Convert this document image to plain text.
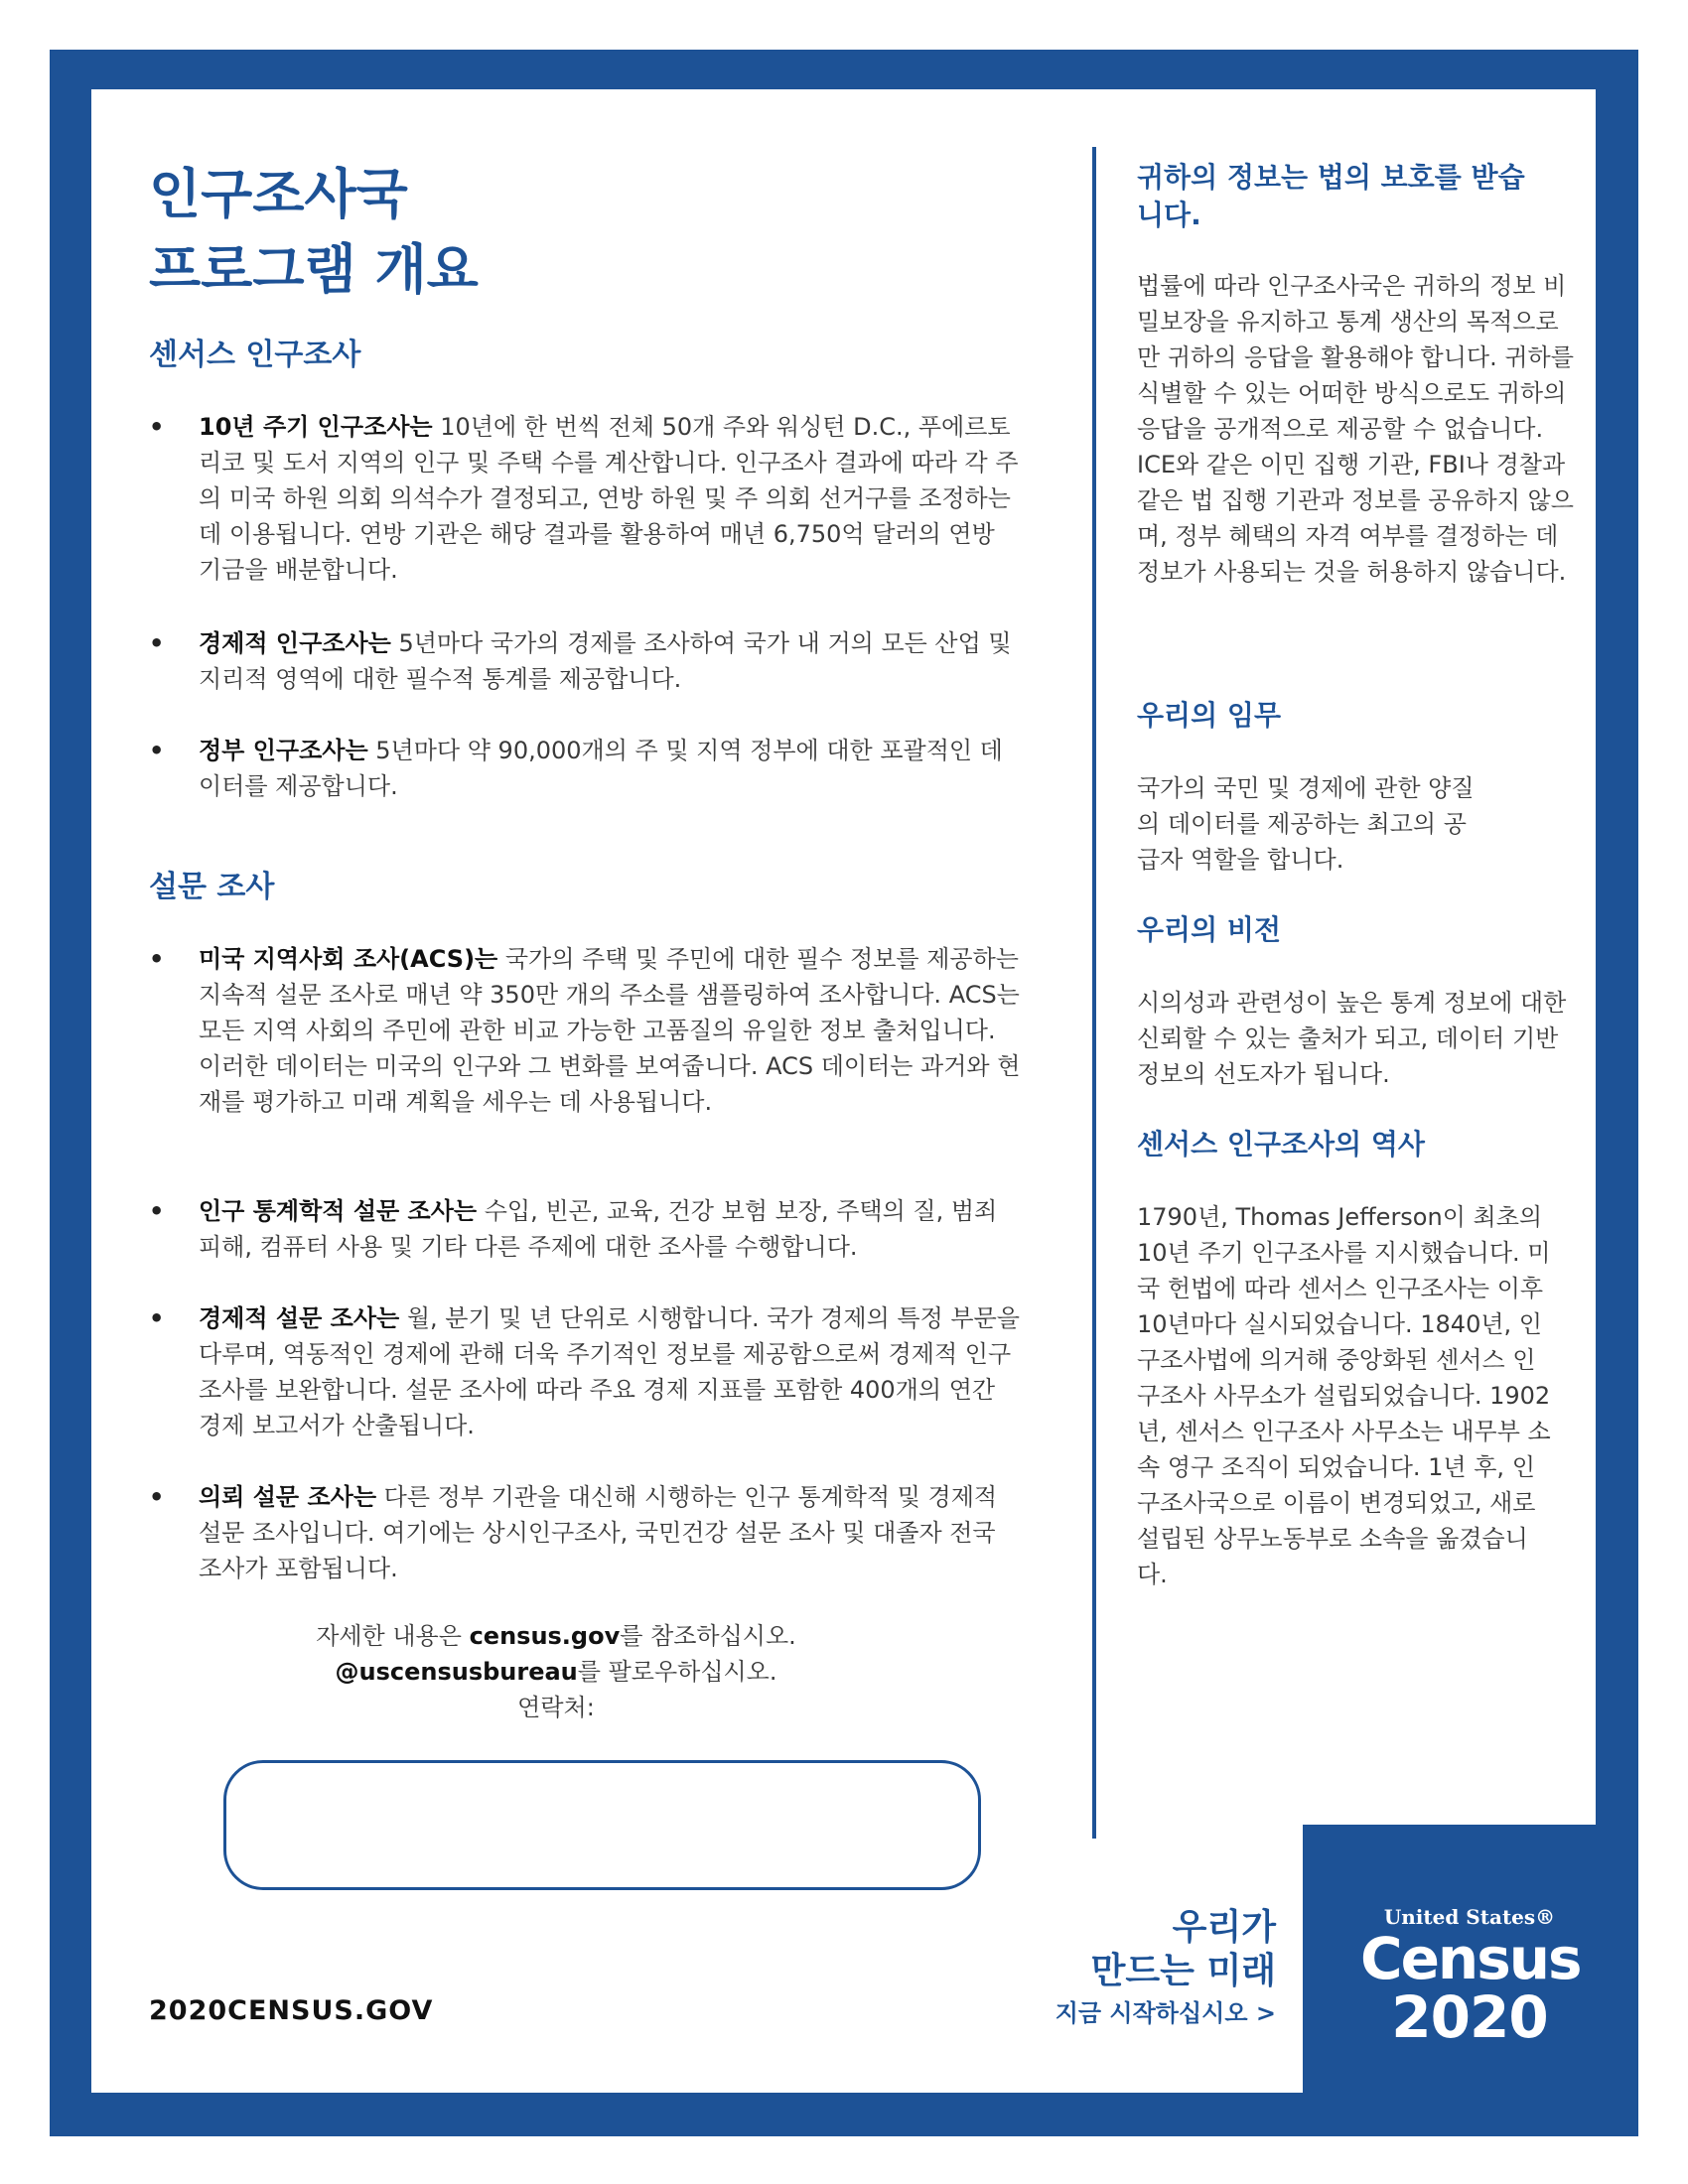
인구조사국
프로그램 개요
센서스 인구조사
• 10년 주기 인구조사는 10년에 한 번씩 전체 50개 주와 워싱턴 D.C., 푸에르토리코 및 도서 지역의 인구 및 주택 수를 계산합니다. 인구조사 결과에 따라 각 주의 미국 하원 의회 의석수가 결정되고, 연방 하원 및 주 의회 선거구를 조정하는 데 이용됩니다. 연방 기관은 해당 결과를 활용하여 매년 6,750억 달러의 연방 기금을 배분합니다.
• 경제적 인구조사는 5년마다 국가의 경제를 조사하여 국가 내 거의 모든 산업 및 지리적 영역에 대한 필수적 통계를 제공합니다.
• 정부 인구조사는 5년마다 약 90,000개의 주 및 지역 정부에 대한 포괄적인 데이터를 제공합니다.
설문 조사
• 미국 지역사회 조사(ACS)는 국가의 주택 및 주민에 대한 필수 정보를 제공하는 지속적 설문 조사로 매년 약 350만 개의 주소를 샘플링하여 조사합니다. ACS는 모든 지역 사회의 주민에 관한 비교 가능한 고품질의 유일한 정보 출처입니다. 이러한 데이터는 미국의 인구와 그 변화를 보여줍니다. ACS 데이터는 과거와 현재를 평가하고 미래 계획을 세우는 데 사용됩니다.
• 인구 통계학적 설문 조사는 수입, 빈곤, 교육, 건강 보험 보장, 주택의 질, 범죄 피해, 컴퓨터 사용 및 기타 다른 주제에 대한 조사를 수행합니다.
• 경제적 설문 조사는 월, 분기 및 년 단위로 시행합니다. 국가 경제의 특정 부문을 다루며, 역동적인 경제에 관해 더욱 주기적인 정보를 제공함으로써 경제적 인구조사를 보완합니다. 설문 조사에 따라 주요 경제 지표를 포함한 400개의 연간 경제 보고서가 산출됩니다.
• 의뢰 설문 조사는 다른 정부 기관을 대신해 시행하는 인구 통계학적 및 경제적 설문 조사입니다. 여기에는 상시인구조사, 국민건강 설문 조사 및 대졸자 전국 조사가 포함됩니다.
자세한 내용은 census.gov를 참조하십시오.
@uscensusbureau를 팔로우하십시오.
연락처:
2020CENSUS.GOV
귀하의 정보는 법의 보호를 받습니다.

법률에 따라 인구조사국은 귀하의 정보 비밀보장을 유지하고 통계 생산의 목적으로만 귀하의 응답을 활용해야 합니다. 귀하를 식별할 수 있는 어떠한 방식으로도 귀하의 응답을 공개적으로 제공할 수 없습니다. ICE와 같은 이민 집행 기관, FBI나 경찰과 같은 법 집행 기관과 정보를 공유하지 않으며, 정부 혜택의 자격 여부를 결정하는 데 정보가 사용되는 것을 허용하지 않습니다.

우리의 임무

국가의 국민 및 경제에 관한 양질의 데이터를 제공하는 최고의 공급자 역할을 합니다.

우리의 비전

시의성과 관련성이 높은 통계 정보에 대한 신뢰할 수 있는 출처가 되고, 데이터 기반 정보의 선도자가 됩니다.

센서스 인구조사의 역사

1790년, Thomas Jefferson이 최초의 10년 주기 인구조사를 지시했습니다. 미국 헌법에 따라 센서스 인구조사는 이후 10년마다 실시되었습니다. 1840년, 인구조사법에 의거해 중앙화된 센서스 인구조사 사무소가 설립되었습니다. 1902년, 센서스 인구조사 사무소는 내무부 소속 영구 조직이 되었습니다. 1년 후, 인구조사국으로 이름이 변경되었고, 새로 설립된 상무노동부로 소속을 옮겼습니다.

우리가
만드는 미래
지금 시작하십시오 >
United States®
Census
2020
